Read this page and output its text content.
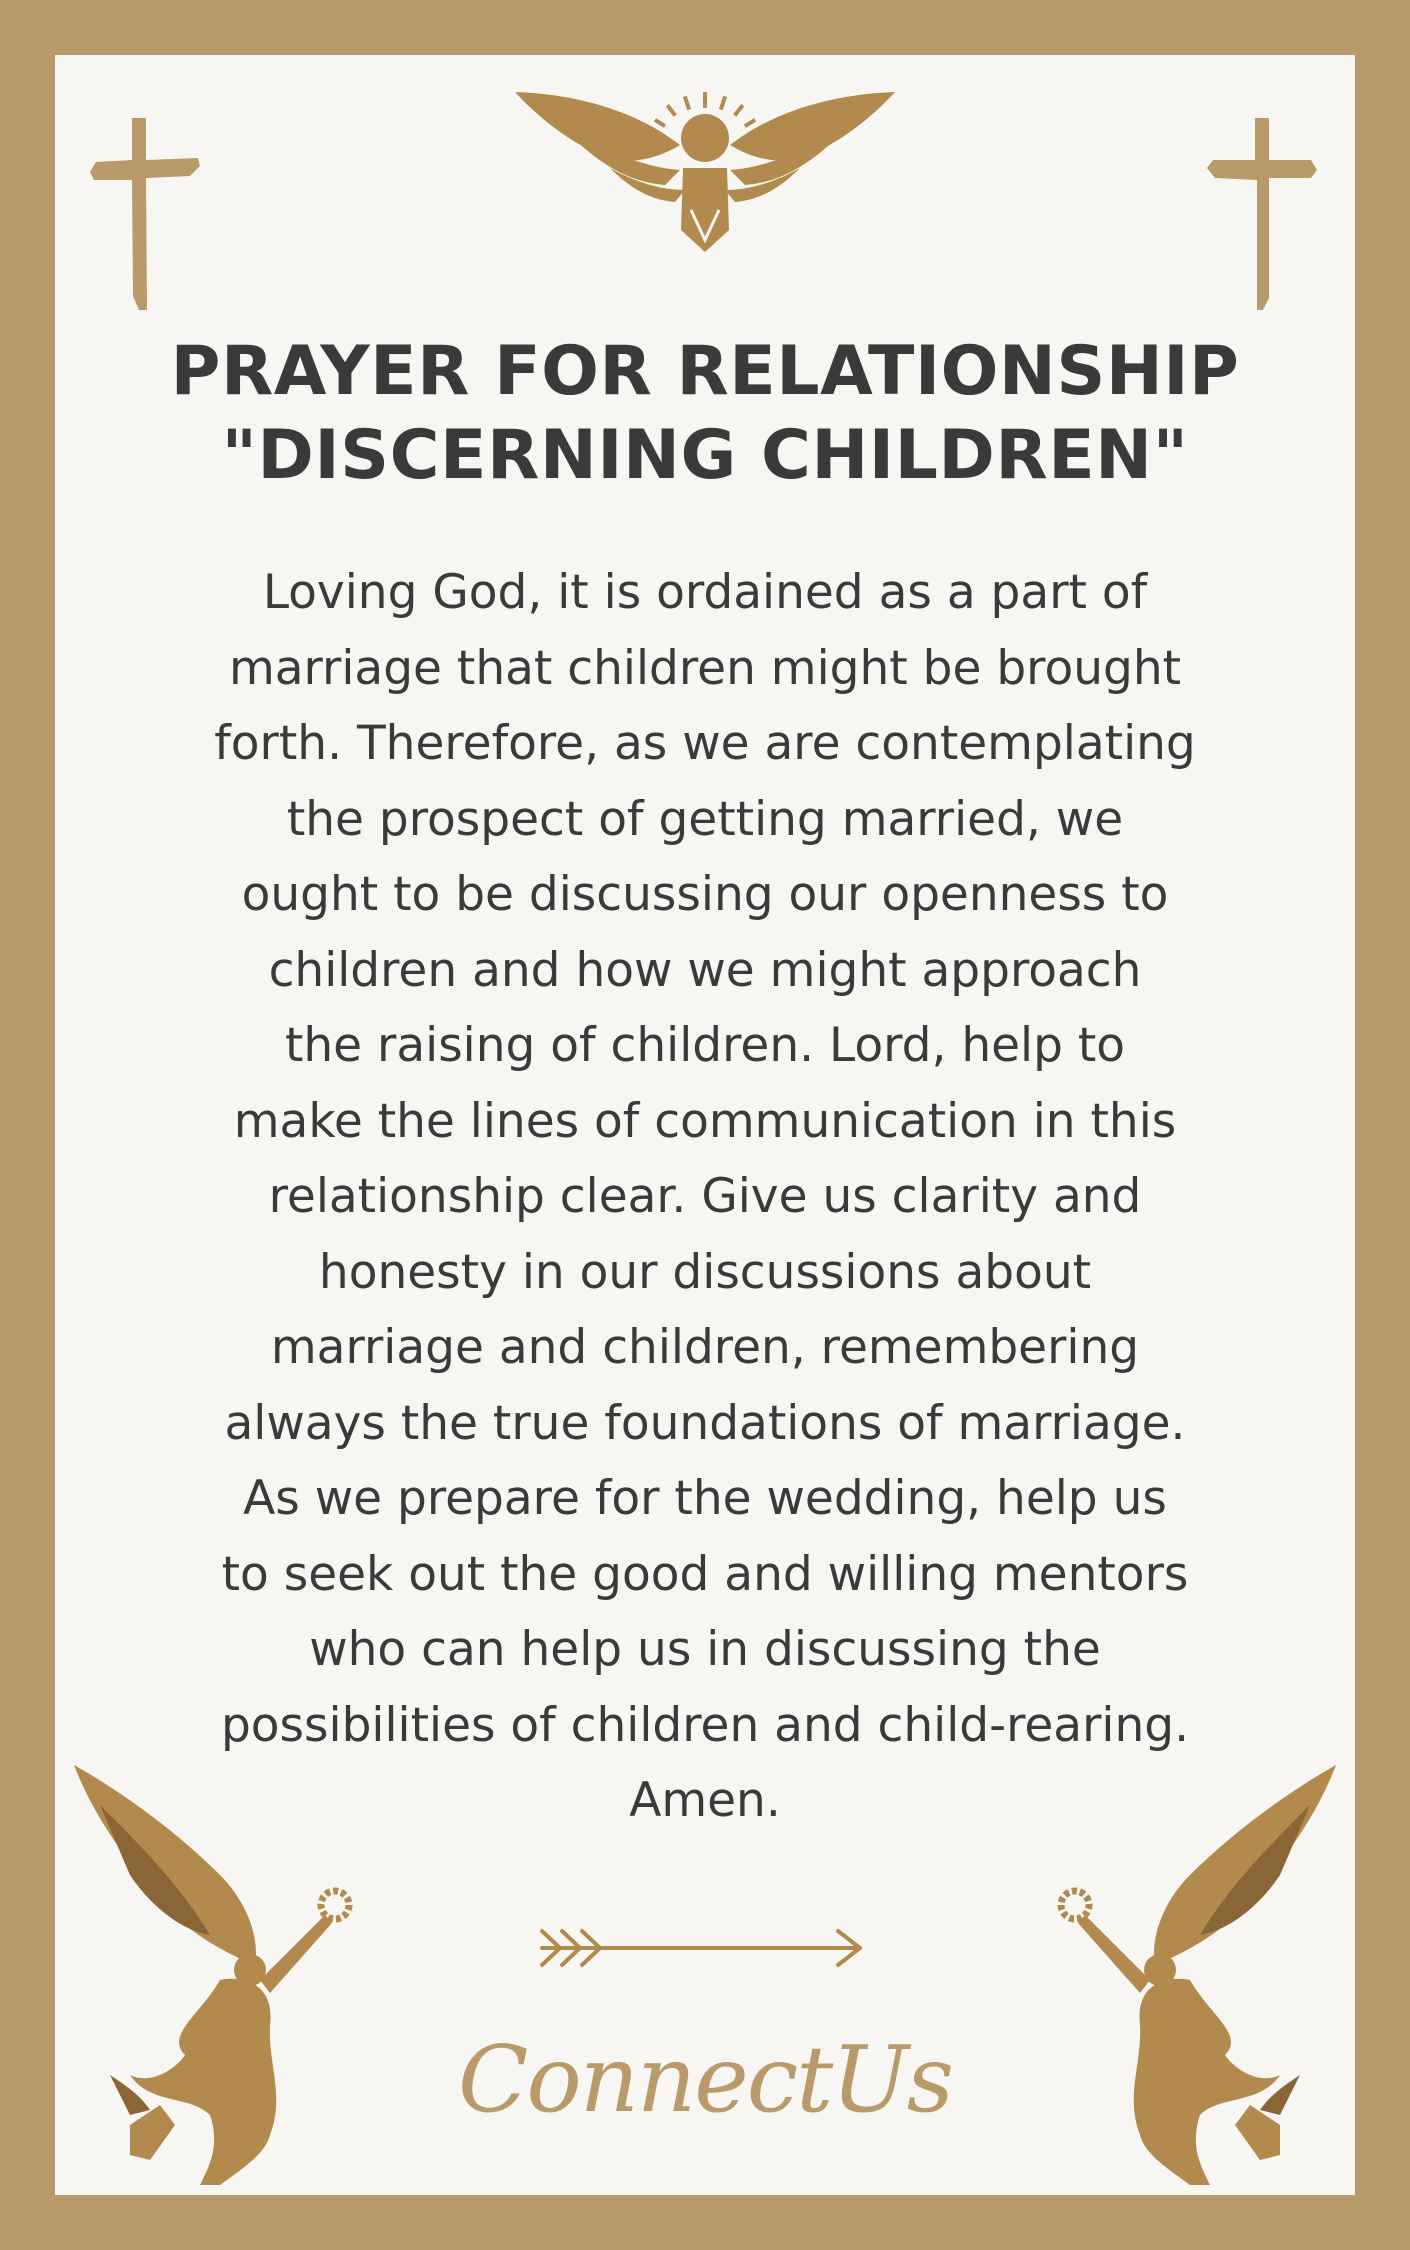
PRAYER FOR RELATIONSHIP
"DISCERNING CHILDREN"
Loving God, it is ordained as a part of
marriage that children might be brought
forth. Therefore, as we are contemplating
the prospect of getting married, we
ought to be discussing our openness to
children and how we might approach
the raising of children. Lord, help to
make the lines of communication in this
relationship clear. Give us clarity and
honesty in our discussions about
marriage and children, remembering
always the true foundations of marriage.
As we prepare for the wedding, help us
to seek out the good and willing mentors
who can help us in discussing the
possibilities of children and child-rearing.
Amen.
ConnectUs
